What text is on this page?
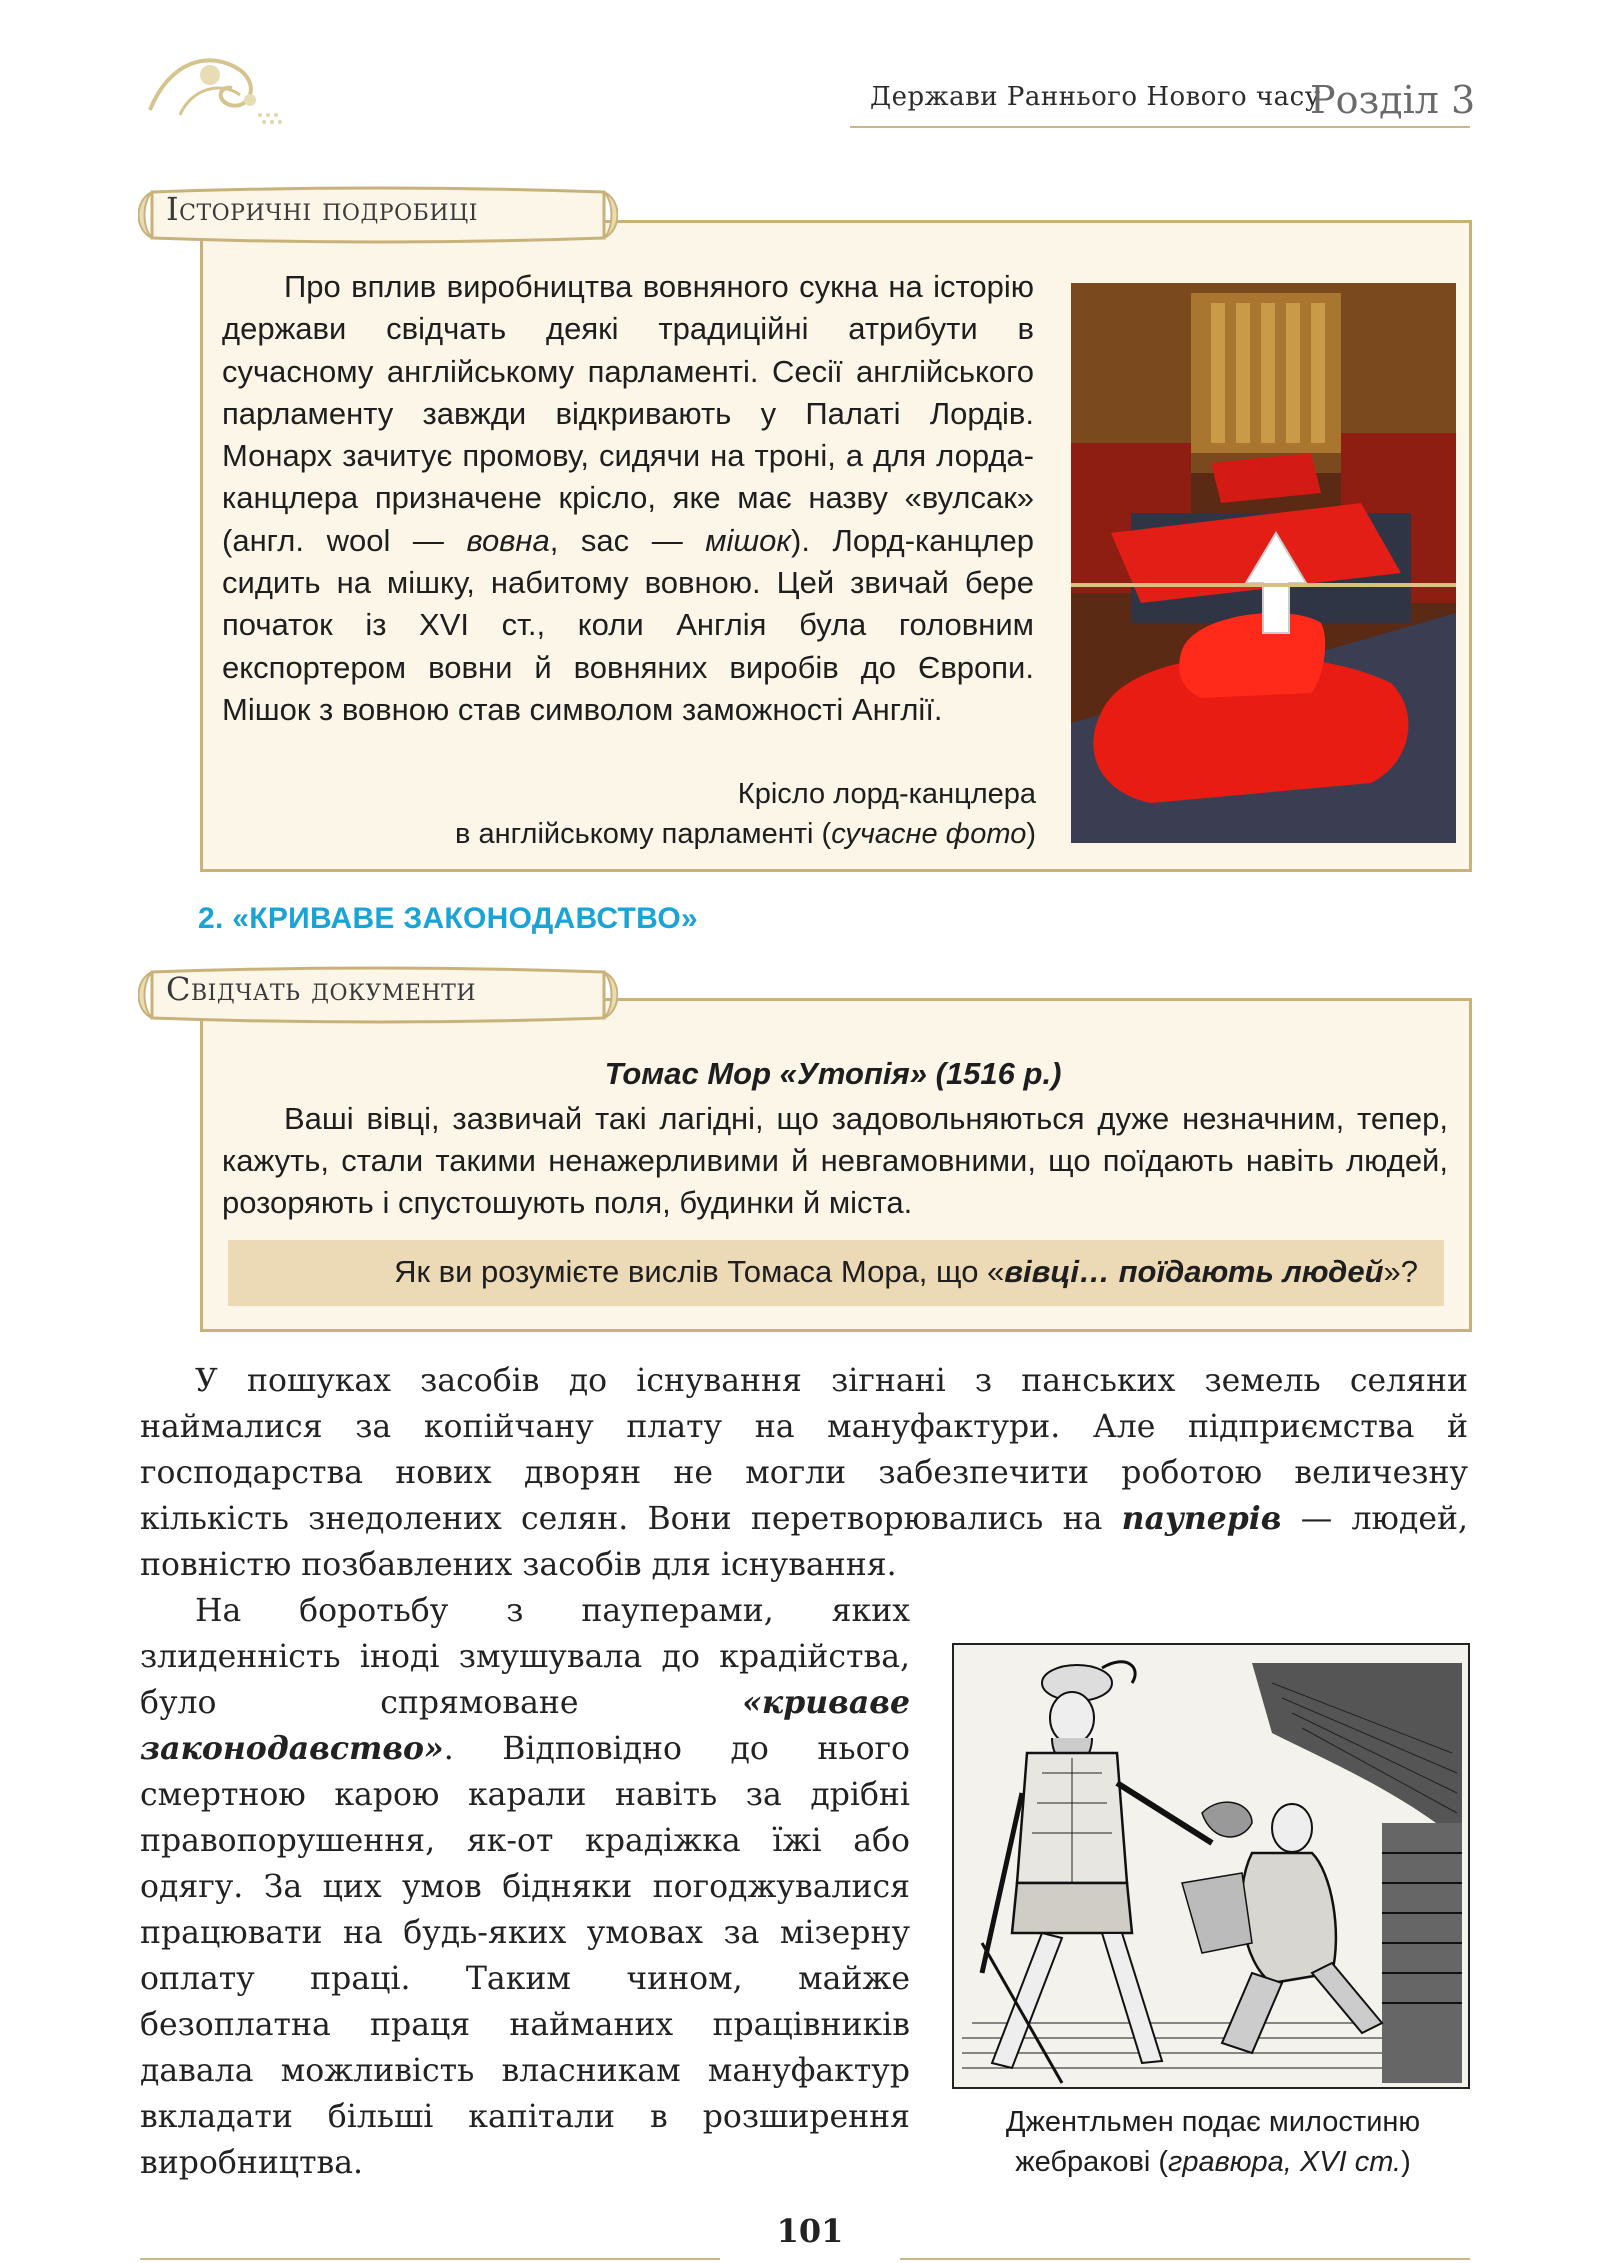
Держави Раннього Нового часу
Розділ 3
Історичні подробиці

Про вплив виробництва вовняного сукна на історію держави свідчать деякі традиційні атрибути в сучасному англійському парламенті. Сесії англійського парламенту завжди відкривають у Палаті Лордів. Монарх зачитує промову, сидячи на троні, а для лорда-канцлера призначене крісло, яке має назву «вулсак» (англ. wool — вовна, sac — мішок). Лорд-канцлер сидить на мішку, набитому вовною. Цей звичай бере початок із XVI ст., коли Англія була головним експортером вовни й вовняних виробів до Європи. Мішок з вовною став символом заможності Англії.

Крісло лорд-канцлера
в англійському парламенті (сучасне фото)
2. «КРИВАВЕ ЗАКОНОДАВСТВО»
Свідчать документи
Томас Мор «Утопія» (1516 р.)

Ваші вівці, зазвичай такі лагідні, що задовольняються дуже незначним, тепер, кажуть, стали такими ненажерливими й невгамовними, що поїдають навіть людей, розоряють і спустошують поля, будинки й міста.

Як ви розумієте вислів Томаса Мора, що «вівці… поїдають людей»?

У пошуках засобів до існування зігнані з панських земель селяни наймалися за копійчану плату на мануфактури. Але підприємства й господарства нових дворян не могли забезпечити роботою величезну кількість знедолених селян. Вони перетворювались на пауперів — людей, повністю позбавлених засобів для існування.

На боротьбу з пауперами, яких злиденність іноді змушувала до крадійства, було спрямоване «криваве законодавство». Відповідно до нього смертною карою карали навіть за дрібні правопорушення, як-от крадіжка їжі або одягу. За цих умов бідняки погоджувалися працювати на будь-яких умовах за мізерну оплату праці. Таким чином, майже безоплатна праця найманих працівників давала можливість власникам мануфактур вкладати більші капітали в розширення виробництва.

Джентльмен подає милостиню
жебракові (гравюра, XVI ст.)
101
